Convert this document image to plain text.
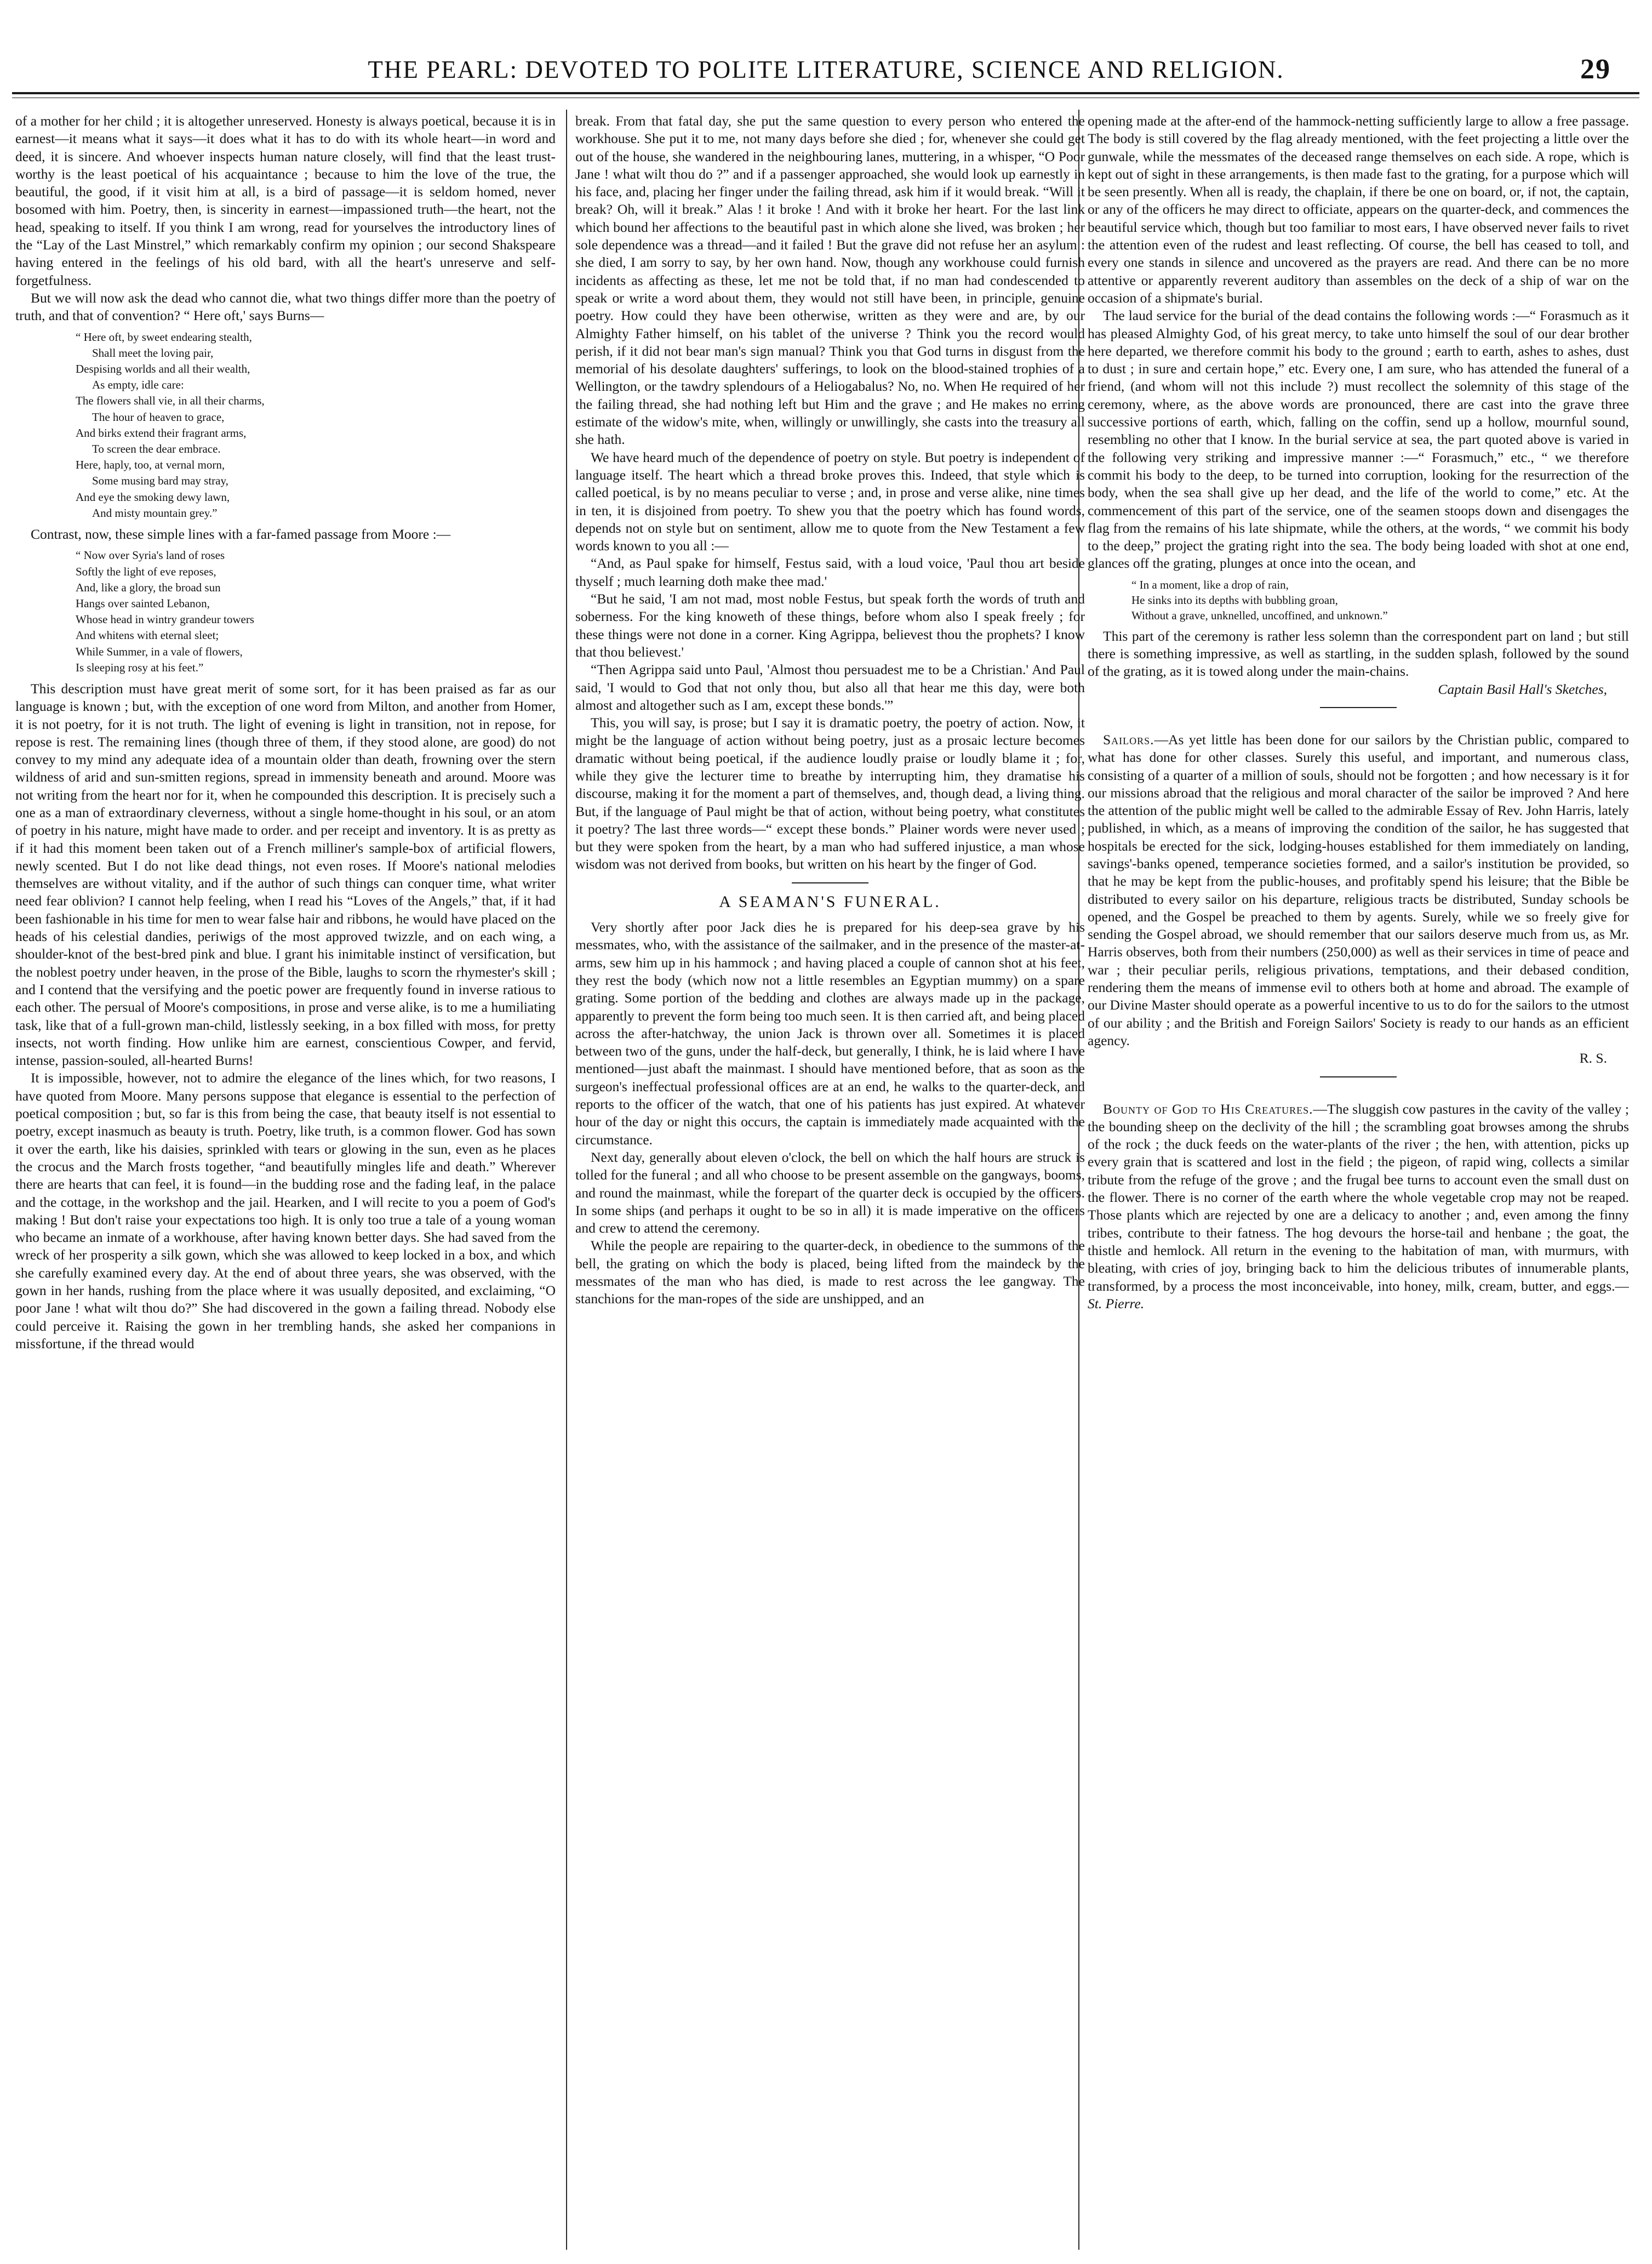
THE PEARL: DEVOTED TO POLITE LITERATURE, SCIENCE AND RELIGION.	29

of a mother for her child ; it is altogether unreserved. Honesty is always poetical, because it is in earnest—it means what it says—it does what it has to do with its whole heart—in word and deed, it is sincere. And whoever inspects human nature closely, will find that the least trust-worthy is the least poetical of his acquaintance ; because to him the love of the true, the beautiful, the good, if it visit him at all, is a bird of passage—it is seldom homed, never bosomed with him. Poetry, then, is sincerity in earnest—impassioned truth—the heart, not the head, speaking to itself. If you think I am wrong, read for yourselves the introductory lines of the “Lay of the Last Minstrel,” which remarkably confirm my opinion ; our second Shakspeare having entered in the feelings of his old bard, with all the heart's unreserve and self-forgetfulness.

But we will now ask the dead who cannot die, what two things differ more than the poetry of truth, and that of convention? “ Here oft,' says Burns—

“ Here oft, by sweet endearing stealth,
Shall meet the loving pair,
Despising worlds and all their wealth,
As empty, idle care:
The flowers shall vie, in all their charms,
The hour of heaven to grace,
And birks extend their fragrant arms,
To screen the dear embrace.
Here, haply, too, at vernal morn,
Some musing bard may stray,
And eye the smoking dewy lawn,
And misty mountain grey.”

Contrast, now, these simple lines with a far-famed passage from Moore :—

“ Now over Syria's land of roses
Softly the light of eve reposes,
And, like a glory, the broad sun
Hangs over sainted Lebanon,
Whose head in wintry grandeur towers
And whitens with eternal sleet;
While Summer, in a vale of flowers,
Is sleeping rosy at his feet.”

This description must have great merit of some sort, for it has been praised as far as our language is known ; but, with the exception of one word from Milton, and another from Homer, it is not poetry, for it is not truth. The light of evening is light in transition, not in repose, for repose is rest. The remaining lines (though three of them, if they stood alone, are good) do not convey to my mind any adequate idea of a mountain older than death, frowning over the stern wildness of arid and sun-smitten regions, spread in immensity beneath and around. Moore was not writing from the heart nor for it, when he compounded this description. It is precisely such a one as a man of extraordinary cleverness, without a single home-thought in his soul, or an atom of poetry in his nature, might have made to order. and per receipt and inventory. It is as pretty as if it had this moment been taken out of a French milliner's sample-box of artificial flowers, newly scented. But I do not like dead things, not even roses. If Moore's national melodies themselves are without vitality, and if the author of such things can conquer time, what writer need fear oblivion? I cannot help feeling, when I read his “Loves of the Angels,” that, if it had been fashionable in his time for men to wear false hair and ribbons, he would have placed on the heads of his celestial dandies, periwigs of the most approved twizzle, and on each wing, a shoulder-knot of the best-bred pink and blue. I grant his inimitable instinct of versification, but the noblest poetry under heaven, in the prose of the Bible, laughs to scorn the rhymester's skill ; and I contend that the versifying and the poetic power are frequently found in inverse ratious to each other. The persual of Moore's compositions, in prose and verse alike, is to me a humiliating task, like that of a full-grown man-child, listlessly seeking, in a box filled with moss, for pretty insects, not worth finding. How unlike him are earnest, conscientious Cowper, and fervid, intense, passion-souled, all-hearted Burns!

It is impossible, however, not to admire the elegance of the lines which, for two reasons, I have quoted from Moore. Many persons suppose that elegance is essential to the perfection of poetical composition ; but, so far is this from being the case, that beauty itself is not essential to poetry, except inasmuch as beauty is truth. Poetry, like truth, is a common flower. God has sown it over the earth, like his daisies, sprinkled with tears or glowing in the sun, even as he places the crocus and the March frosts together, “and beautifully mingles life and death.” Wherever there are hearts that can feel, it is found—in the budding rose and the fading leaf, in the palace and the cottage, in the workshop and the jail. Hearken, and I will recite to you a poem of God's making ! But don't raise your expectations too high. It is only too true a tale of a young woman who became an inmate of a workhouse, after having known better days. She had saved from the wreck of her prosperity a silk gown, which she was allowed to keep locked in a box, and which she carefully examined every day. At the end of about three years, she was observed, with the gown in her hands, rushing from the place where it was usually deposited, and exclaiming, “O poor Jane ! what wilt thou do?” She had discovered in the gown a failing thread. Nobody else could perceive it. Raising the gown in her trembling hands, she asked her companions in missfortune, if the thread would

break. From that fatal day, she put the same question to every person who entered the workhouse. She put it to me, not many days before she died ; for, whenever she could get out of the house, she wandered in the neighbouring lanes, muttering, in a whisper, “O Poor Jane ! what wilt thou do ?” and if a passenger approached, she would look up earnestly in his face, and, placing her finger under the failing thread, ask him if it would break. “Will it break? Oh, will it break.” Alas ! it broke ! And with it broke her heart. For the last link which bound her affections to the beautiful past in which alone she lived, was broken ; her sole dependence was a thread—and it failed ! But the grave did not refuse her an asylum : she died, I am sorry to say, by her own hand. Now, though any workhouse could furnish incidents as affecting as these, let me not be told that, if no man had condescended to speak or write a word about them, they would not still have been, in principle, genuine poetry. How could they have been otherwise, written as they were and are, by our Almighty Father himself, on his tablet of the universe ? Think you the record would perish, if it did not bear man's sign manual? Think you that God turns in disgust from the memorial of his desolate daughters' sufferings, to look on the blood-stained trophies of a Wellington, or the tawdry splendours of a Heliogabalus? No, no. When He required of her the failing thread, she had nothing left but Him and the grave ; and He makes no erring estimate of the widow's mite, when, willingly or unwillingly, she casts into the treasury all she hath.

We have heard much of the dependence of poetry on style. But poetry is independent of language itself. The heart which a thread broke proves this. Indeed, that style which is called poetical, is by no means peculiar to verse ; and, in prose and verse alike, nine times in ten, it is disjoined from poetry. To shew you that the poetry which has found words, depends not on style but on sentiment, allow me to quote from the New Testament a few words known to you all :—

“And, as Paul spake for himself, Festus said, with a loud voice, 'Paul thou art beside thyself ; much learning doth make thee mad.'

“But he said, 'I am not mad, most noble Festus, but speak forth the words of truth and soberness. For the king knoweth of these things, before whom also I speak freely ; for these things were not done in a corner. King Agrippa, believest thou the prophets? I know that thou believest.'

“Then Agrippa said unto Paul, 'Almost thou persuadest me to be a Christian.' And Paul said, 'I would to God that not only thou, but also all that hear me this day, were both almost and altogether such as I am, except these bonds.'”

This, you will say, is prose; but I say it is dramatic poetry, the poetry of action. Now, it might be the language of action without being poetry, just as a prosaic lecture becomes dramatic without being poetical, if the audience loudly praise or loudly blame it ; for, while they give the lecturer time to breathe by interrupting him, they dramatise his discourse, making it for the moment a part of themselves, and, though dead, a living thing. But, if the language of Paul might be that of action, without being poetry, what constitutes it poetry? The last three words—“ except these bonds.” Plainer words were never used ; but they were spoken from the heart, by a man who had suffered injustice, a man whose wisdom was not derived from books, but written on his heart by the finger of God.

A SEAMAN'S FUNERAL.

Very shortly after poor Jack dies he is prepared for his deep-sea grave by his messmates, who, with the assistance of the sailmaker, and in the presence of the master-at-arms, sew him up in his hammock ; and having placed a couple of cannon shot at his feet, they rest the body (which now not a little resembles an Egyptian mummy) on a spare grating. Some portion of the bedding and clothes are always made up in the package, apparently to prevent the form being too much seen. It is then carried aft, and being placed across the after-hatchway, the union Jack is thrown over all. Sometimes it is placed between two of the guns, under the half-deck, but generally, I think, he is laid where I have mentioned—just abaft the mainmast. I should have mentioned before, that as soon as the surgeon's ineffectual professional offices are at an end, he walks to the quarter-deck, and reports to the officer of the watch, that one of his patients has just expired. At whatever hour of the day or night this occurs, the captain is immediately made acquainted with the circumstance.

Next day, generally about eleven o'clock, the bell on which the half hours are struck is tolled for the funeral ; and all who choose to be present assemble on the gangways, booms, and round the mainmast, while the forepart of the quarter deck is occupied by the officers. In some ships (and perhaps it ought to be so in all) it is made imperative on the officers and crew to attend the ceremony.

While the people are repairing to the quarter-deck, in obedience to the summons of the bell, the grating on which the body is placed, being lifted from the maindeck by the messmates of the man who has died, is made to rest across the lee gangway. The stanchions for the man-ropes of the side are unshipped, and an

opening made at the after-end of the hammock-netting sufficiently large to allow a free passage. The body is still covered by the flag already mentioned, with the feet projecting a little over the gunwale, while the messmates of the deceased range themselves on each side. A rope, which is kept out of sight in these arrangements, is then made fast to the grating, for a purpose which will be seen presently. When all is ready, the chaplain, if there be one on board, or, if not, the captain, or any of the officers he may direct to officiate, appears on the quarter-deck, and commences the beautiful service which, though but too familiar to most ears, I have observed never fails to rivet the attention even of the rudest and least reflecting. Of course, the bell has ceased to toll, and every one stands in silence and uncovered as the prayers are read. And there can be no more attentive or apparently reverent auditory than assembles on the deck of a ship of war on the occasion of a shipmate's burial.

The laud service for the burial of the dead contains the following words :—“ Forasmuch as it has pleased Almighty God, of his great mercy, to take unto himself the soul of our dear brother here departed, we therefore commit his body to the ground ; earth to earth, ashes to ashes, dust to dust ; in sure and certain hope,” etc. Every one, I am sure, who has attended the funeral of a friend, (and whom will not this include ?) must recollect the solemnity of this stage of the ceremony, where, as the above words are pronounced, there are cast into the grave three successive portions of earth, which, falling on the coffin, send up a hollow, mournful sound, resembling no other that I know. In the burial service at sea, the part quoted above is varied in the following very striking and impressive manner :—“ Forasmuch,” etc., “ we therefore commit his body to the deep, to be turned into corruption, looking for the resurrection of the body, when the sea shall give up her dead, and the life of the world to come,” etc. At the commencement of this part of the service, one of the seamen stoops down and disengages the flag from the remains of his late shipmate, while the others, at the words, “ we commit his body to the deep,” project the grating right into the sea. The body being loaded with shot at one end, glances off the grating, plunges at once into the ocean, and

“ In a moment, like a drop of rain,
He sinks into its depths with bubbling groan,
Without a grave, unknelled, uncoffined, and unknown.”

This part of the ceremony is rather less solemn than the correspondent part on land ; but still there is something impressive, as well as startling, in the sudden splash, followed by the sound of the grating, as it is towed along under the main-chains.

Captain Basil Hall's Sketches,

Sailors.—As yet little has been done for our sailors by the Christian public, compared to what has done for other classes. Surely this useful, and important, and numerous class, consisting of a quarter of a million of souls, should not be forgotten ; and how necessary is it for our missions abroad that the religious and moral character of the sailor be improved ? And here the attention of the public might well be called to the admirable Essay of Rev. John Harris, lately published, in which, as a means of improving the condition of the sailor, he has suggested that hospitals be erected for the sick, lodging-houses established for them immediately on landing, savings'-banks opened, temperance societies formed, and a sailor's institution be provided, so that he may be kept from the public-houses, and profitably spend his leisure; that the Bible be distributed to every sailor on his departure, religious tracts be distributed, Sunday schools be opened, and the Gospel be preached to them by agents. Surely, while we so freely give for sending the Gospel abroad, we should remember that our sailors deserve much from us, as Mr. Harris observes, both from their numbers (250,000) as well as their services in time of peace and war ; their peculiar perils, religious privations, temptations, and their debased condition, rendering them the means of immense evil to others both at home and abroad. The example of our Divine Master should operate as a powerful incentive to us to do for the sailors to the utmost of our ability ; and the British and Foreign Sailors' Society is ready to our hands as an efficient agency.

R. S.

Bounty of God to His Creatures.—The sluggish cow pastures in the cavity of the valley ; the bounding sheep on the declivity of the hill ; the scrambling goat browses among the shrubs of the rock ; the duck feeds on the water-plants of the river ; the hen, with attention, picks up every grain that is scattered and lost in the field ; the pigeon, of rapid wing, collects a similar tribute from the refuge of the grove ; and the frugal bee turns to account even the small dust on the flower. There is no corner of the earth where the whole vegetable crop may not be reaped. Those plants which are rejected by one are a delicacy to another ; and, even among the finny tribes, contribute to their fatness. The hog devours the horse-tail and henbane ; the goat, the thistle and hemlock. All return in the evening to the habitation of man, with murmurs, with bleating, with cries of joy, bringing back to him the delicious tributes of innumerable plants, transformed, by a process the most inconceivable, into honey, milk, cream, butter, and eggs.—St. Pierre.
